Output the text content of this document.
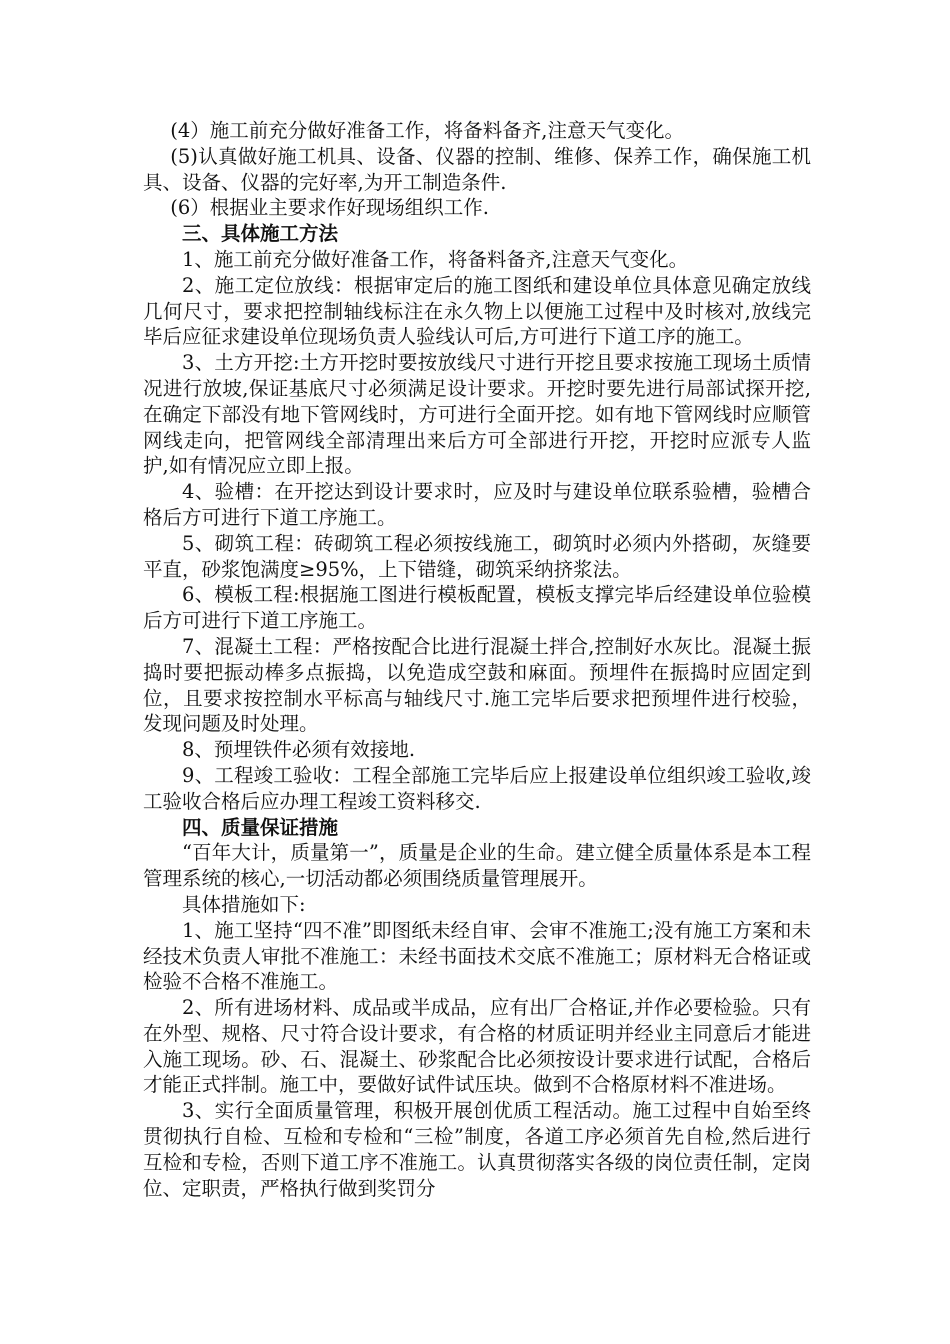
(4）施工前充分做好准备工作，将备料备齐,注意天气变化。

(5)认真做好施工机具、设备、仪器的控制、维修、保养工作，确保施工机具、设备、仪器的完好率,为开工制造条件.

(6）根据业主要求作好现场组织工作.

三、具体施工方法

1、施工前充分做好准备工作，将备料备齐,注意天气变化。

2、施工定位放线：根据审定后的施工图纸和建设单位具体意见确定放线几何尺寸，要求把控制轴线标注在永久物上以便施工过程中及时核对,放线完毕后应征求建设单位现场负责人验线认可后,方可进行下道工序的施工。

3、土方开挖:土方开挖时要按放线尺寸进行开挖且要求按施工现场土质情况进行放坡,保证基底尺寸必须满足设计要求。开挖时要先进行局部试探开挖,在确定下部没有地下管网线时，方可进行全面开挖。如有地下管网线时应顺管网线走向，把管网线全部清理出来后方可全部进行开挖，开挖时应派专人监护,如有情况应立即上报。

4、验槽：在开挖达到设计要求时，应及时与建设单位联系验槽，验槽合格后方可进行下道工序施工。

5、砌筑工程：砖砌筑工程必须按线施工，砌筑时必须内外搭砌，灰缝要平直，砂浆饱满度≥95%，上下错缝，砌筑采纳挤浆法。

6、模板工程:根据施工图进行模板配置，模板支撑完毕后经建设单位验模后方可进行下道工序施工。

7、混凝土工程：严格按配合比进行混凝土拌合,控制好水灰比。混凝土振捣时要把振动棒多点振捣，以免造成空鼓和麻面。预埋件在振捣时应固定到位，且要求按控制水平标高与轴线尺寸.施工完毕后要求把预埋件进行校验，发现问题及时处理。

8、预埋铁件必须有效接地.

9、工程竣工验收：工程全部施工完毕后应上报建设单位组织竣工验收,竣工验收合格后应办理工程竣工资料移交.

四、质量保证措施

“百年大计，质量第一”，质量是企业的生命。建立健全质量体系是本工程管理系统的核心,一切活动都必须围绕质量管理展开。

具体措施如下:

1、施工坚持“四不准”即图纸未经自审、会审不准施工;没有施工方案和未经技术负责人审批不准施工：未经书面技术交底不准施工；原材料无合格证或检验不合格不准施工。

2、所有进场材料、成品或半成品，应有出厂合格证,并作必要检验。只有在外型、规格、尺寸符合设计要求，有合格的材质证明并经业主同意后才能进入施工现场。砂、石、混凝土、砂浆配合比必须按设计要求进行试配，合格后才能正式拌制。施工中，要做好试件试压块。做到不合格原材料不准进场。

3、实行全面质量管理，积极开展创优质工程活动。施工过程中自始至终贯彻执行自检、互检和专检和“三检”制度，各道工序必须首先自检,然后进行互检和专检，否则下道工序不准施工。认真贯彻落实各级的岗位责任制，定岗位、定职责，严格执行做到奖罚分
